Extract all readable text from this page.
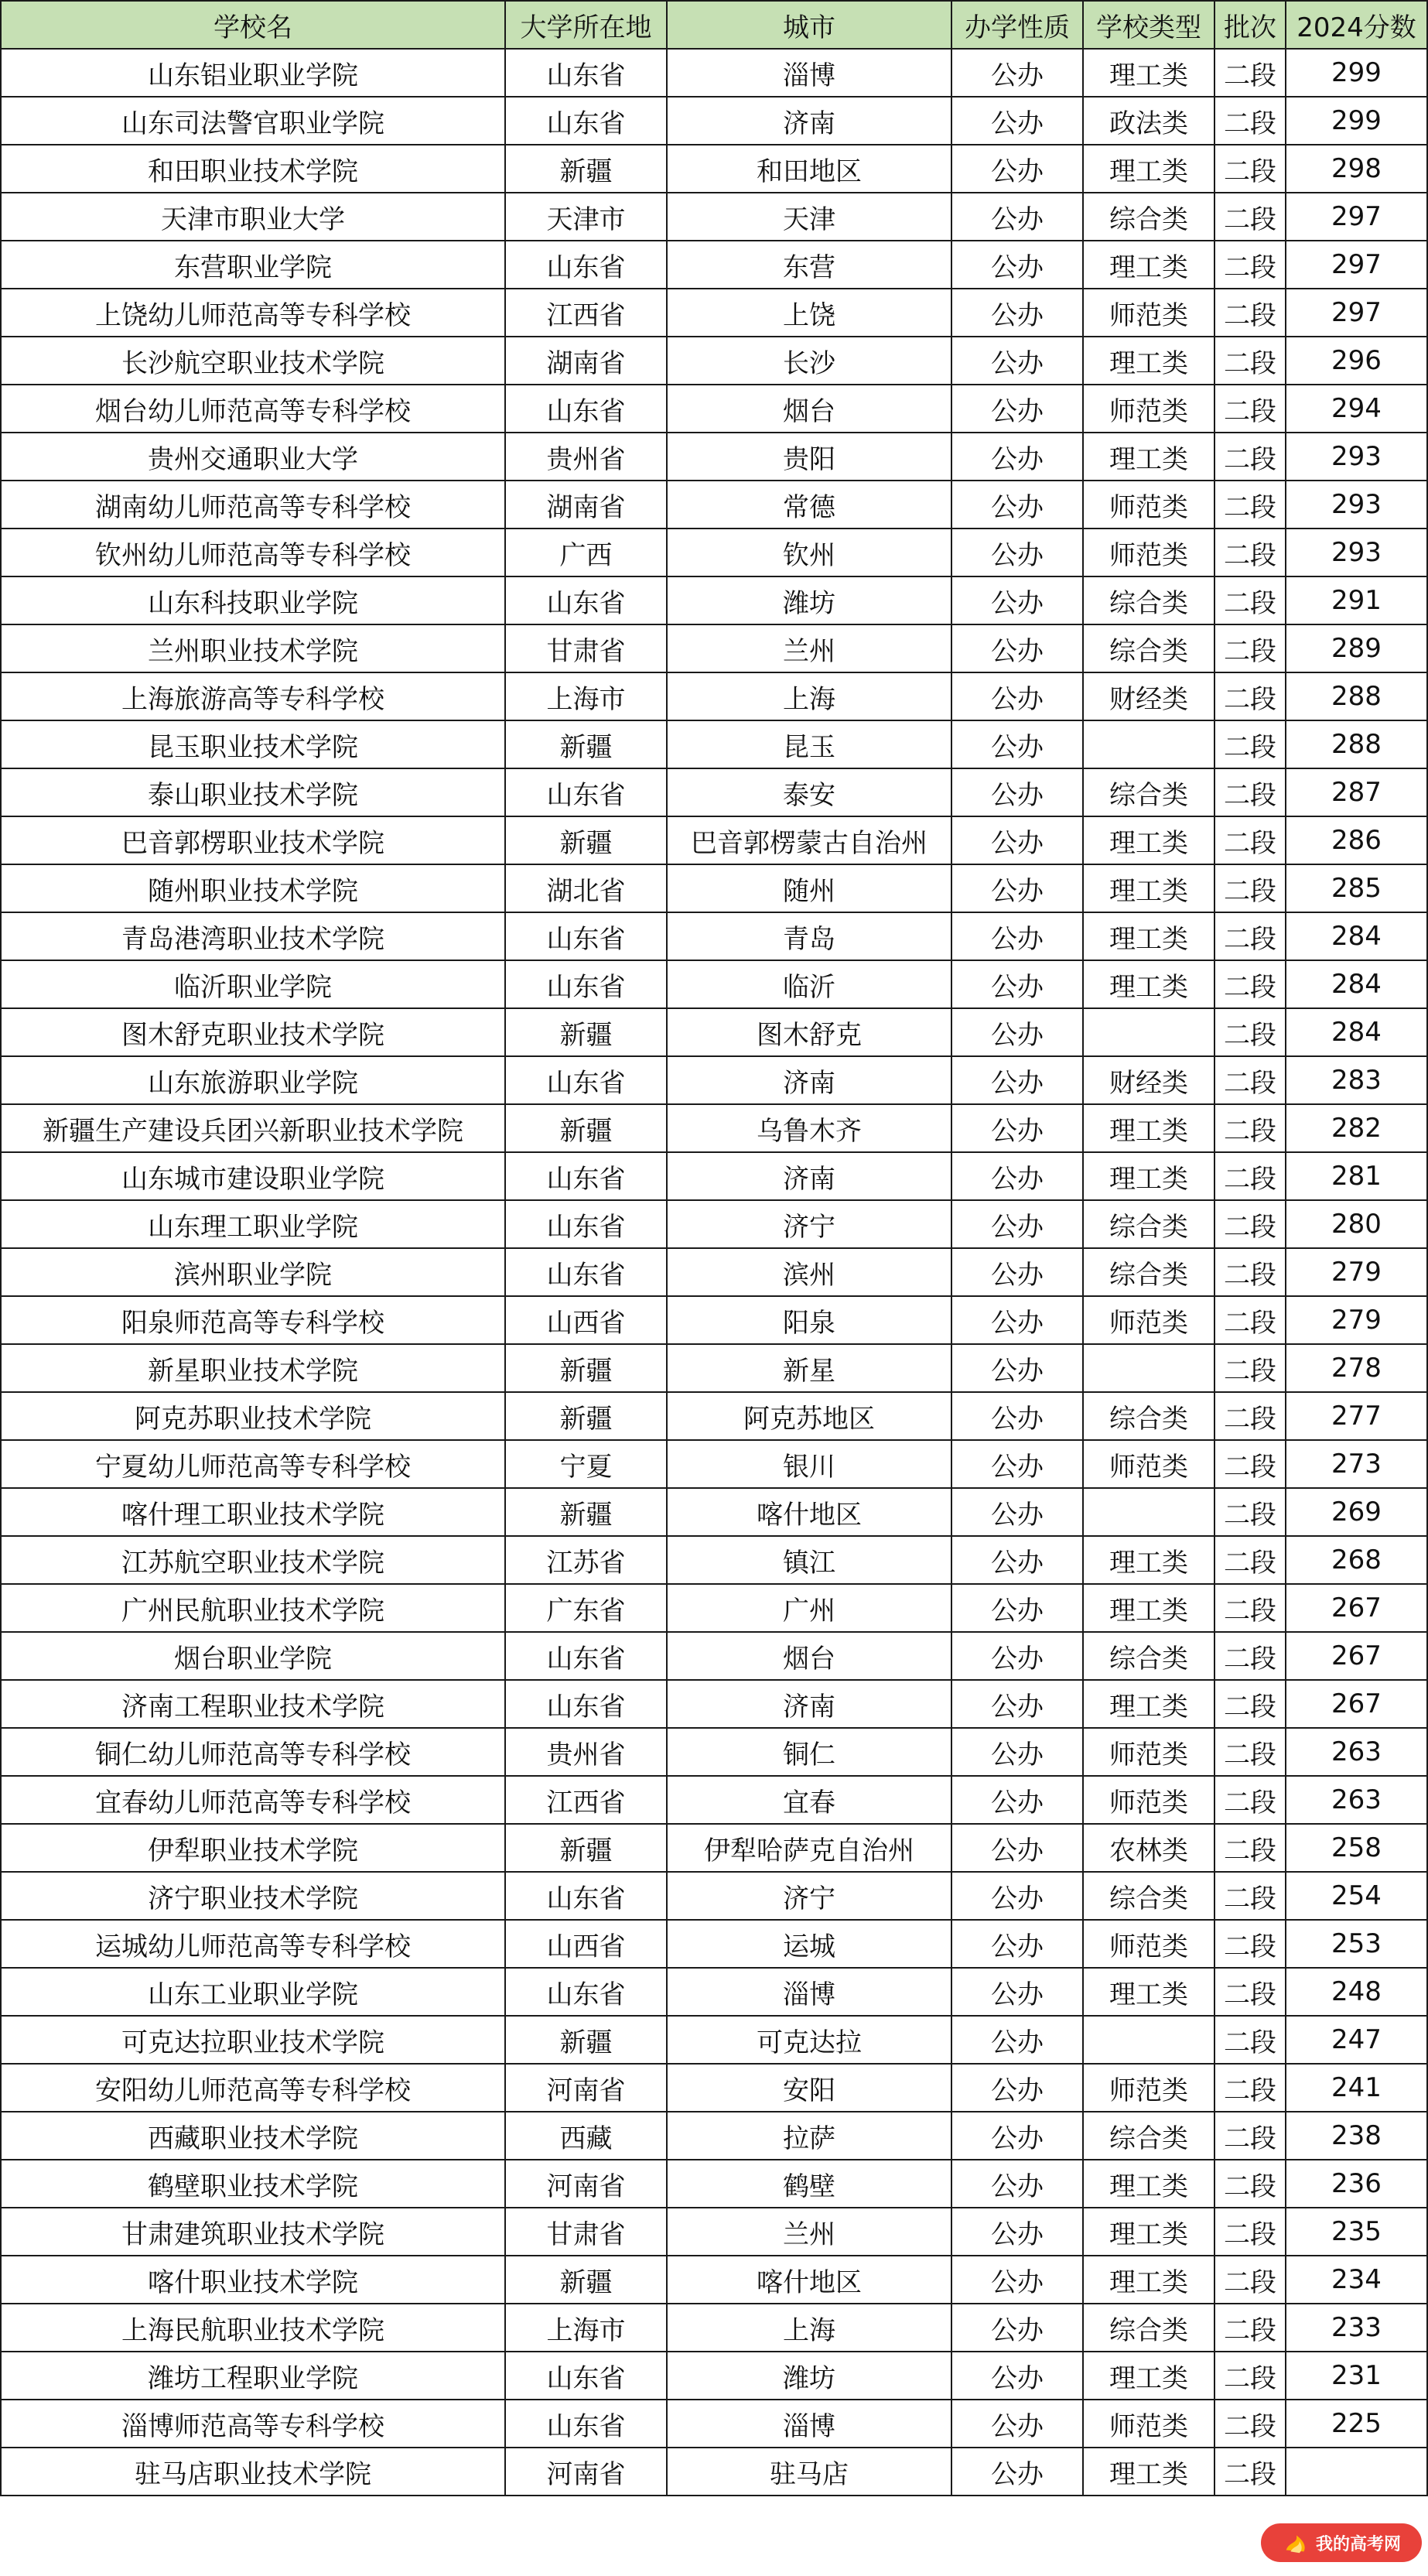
学校名	大学所在地	城市	办学性质	学校类型	批次	2024分数
山东铝业职业学院	山东省	淄博	公办	理工类	二段	299
山东司法警官职业学院	山东省	济南	公办	政法类	二段	299
和田职业技术学院	新疆	和田地区	公办	理工类	二段	298
天津市职业大学	天津市	天津	公办	综合类	二段	297
东营职业学院	山东省	东营	公办	理工类	二段	297
上饶幼儿师范高等专科学校	江西省	上饶	公办	师范类	二段	297
长沙航空职业技术学院	湖南省	长沙	公办	理工类	二段	296
烟台幼儿师范高等专科学校	山东省	烟台	公办	师范类	二段	294
贵州交通职业大学	贵州省	贵阳	公办	理工类	二段	293
湖南幼儿师范高等专科学校	湖南省	常德	公办	师范类	二段	293
钦州幼儿师范高等专科学校	广西	钦州	公办	师范类	二段	293
山东科技职业学院	山东省	潍坊	公办	综合类	二段	291
兰州职业技术学院	甘肃省	兰州	公办	综合类	二段	289
上海旅游高等专科学校	上海市	上海	公办	财经类	二段	288
昆玉职业技术学院	新疆	昆玉	公办		二段	288
泰山职业技术学院	山东省	泰安	公办	综合类	二段	287
巴音郭楞职业技术学院	新疆	巴音郭楞蒙古自治州	公办	理工类	二段	286
随州职业技术学院	湖北省	随州	公办	理工类	二段	285
青岛港湾职业技术学院	山东省	青岛	公办	理工类	二段	284
临沂职业学院	山东省	临沂	公办	理工类	二段	284
图木舒克职业技术学院	新疆	图木舒克	公办		二段	284
山东旅游职业学院	山东省	济南	公办	财经类	二段	283
新疆生产建设兵团兴新职业技术学院	新疆	乌鲁木齐	公办	理工类	二段	282
山东城市建设职业学院	山东省	济南	公办	理工类	二段	281
山东理工职业学院	山东省	济宁	公办	综合类	二段	280
滨州职业学院	山东省	滨州	公办	综合类	二段	279
阳泉师范高等专科学校	山西省	阳泉	公办	师范类	二段	279
新星职业技术学院	新疆	新星	公办		二段	278
阿克苏职业技术学院	新疆	阿克苏地区	公办	综合类	二段	277
宁夏幼儿师范高等专科学校	宁夏	银川	公办	师范类	二段	273
喀什理工职业技术学院	新疆	喀什地区	公办		二段	269
江苏航空职业技术学院	江苏省	镇江	公办	理工类	二段	268
广州民航职业技术学院	广东省	广州	公办	理工类	二段	267
烟台职业学院	山东省	烟台	公办	综合类	二段	267
济南工程职业技术学院	山东省	济南	公办	理工类	二段	267
铜仁幼儿师范高等专科学校	贵州省	铜仁	公办	师范类	二段	263
宜春幼儿师范高等专科学校	江西省	宜春	公办	师范类	二段	263
伊犁职业技术学院	新疆	伊犁哈萨克自治州	公办	农林类	二段	258
济宁职业技术学院	山东省	济宁	公办	综合类	二段	254
运城幼儿师范高等专科学校	山西省	运城	公办	师范类	二段	253
山东工业职业学院	山东省	淄博	公办	理工类	二段	248
可克达拉职业技术学院	新疆	可克达拉	公办		二段	247
安阳幼儿师范高等专科学校	河南省	安阳	公办	师范类	二段	241
西藏职业技术学院	西藏	拉萨	公办	综合类	二段	238
鹤壁职业技术学院	河南省	鹤壁	公办	理工类	二段	236
甘肃建筑职业技术学院	甘肃省	兰州	公办	理工类	二段	235
喀什职业技术学院	新疆	喀什地区	公办	理工类	二段	234
上海民航职业技术学院	上海市	上海	公办	综合类	二段	233
潍坊工程职业学院	山东省	潍坊	公办	理工类	二段	231
淄博师范高等专科学校	山东省	淄博	公办	师范类	二段	225
驻马店职业技术学院	河南省	驻马店	公办	理工类	二段	
我的高考网
